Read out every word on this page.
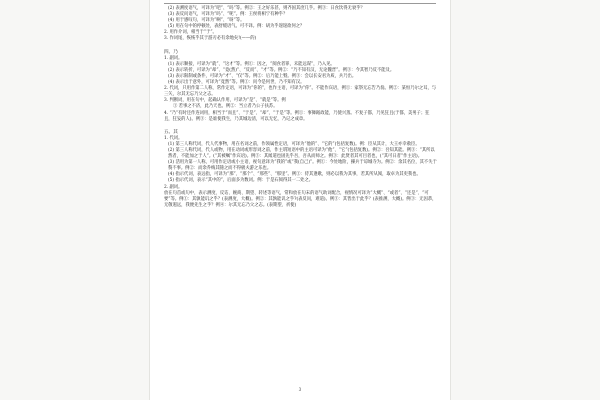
(2) 表测度语气，可译为“吧”、“吗”等。例②：王之好乐甚，则齐国其庶几乎。例③：日食饮得无衰乎？

(3) 表反问语气，可译为“吗”、“呢”。例：王侯将相宁有种乎？

(4) 用于感叹句，可译为“啊”、“呀”等。

(5) 用在句中的停顿处，表舒缓语气。可不译。例：胡为乎遑遑欲何之？

2. 用作介词，相当于“于”。

3. 作词尾，恢恢乎其于游刃必有余地矣!(——的)

四、乃

1. 副词。

(1) 表示顺接，可译为“就”、“这才”等。例①：因之，“阅食者罪，未能远谋”，乃入见。

(2) 表示转折，可译为“却”、“竟(然)”、“反而”、“才”等。例②：“乃不知有汉，无论魏晋”。例③：今其智乃反不能及。

(3) 表示限制或条件，可译为“才”、“仅”等。例②：后乃能上暨。例③：会以长安君为质，兵乃出。

(4) 表示出于意外，可译为“竟然”等。例①：问今是何世，乃不知有汉。

2. 代词，只用作第二人称，常作定语，可译为“你的”，也作主语，可译为“你”。不能作宾语，例①：家祭无忘告乃翁。例②：某恒乃尔之耳，与三矢，尔其无忘乃父之志。

3. 判断词，用在句中，起确认作用，可译为“是”、“就是”等。例

① 若事之不济，此乃天也。例②：当立者乃公子扶苏。

4. “乃”有时还作连词用，相当于“而且”、“于是”、“却”、“于是”等。例①：事舞蹈政能，乃使兴蒸。不复子都，乃见狂且(于都，美男子；狂且，狂妄的人)。例③：是谁使我生，乃其城边清，可以无忆，乃记之成章。

五、其

1. 代词。

(1) 第三人称代词，代人代事物，用在名词之前，作领属性定语，可译为“他的”、“它的”(包括复数)。例：臣从其计，大王亦幸赦臣。

(2) 第三人称代词，代人或物，用在动词或形容词之前，作主谓短语中的主语可译为“他”、“它”(包括复数)。例②：吾知其能。例③：“其所以然者，不能加之于人”。(“其被嘱”作宾语)。例③：其闻道也固先乎吾，吾从而师之。例③：此贤者其可目者也，(“其可日者”作主语)。

(3) 活用为第一人称，可用作定语或小主语，视句意译为“我的”或“我(自己)”。例①：今处地险，操兵于谅城寺为。例②：余其名位，其不失于赘不事。例②：而余乔梅其随之而不得极夫游之乐也。

(4) 指示代词，表远指，可译为“那”、“那个”、“那些”、“那里”。例①：侍其逢歌，则必以我为其事，若其所从阅，取卓为其吏我也。

(5) 指示代词，表示“其中的”，后面多为数词。例：于是石阅得其一二处之。

2. 副词。

放在句首或句中，表示测度、反诘、婉商、期望、转述等语气，常和放在句末的语气助词配合，视情况可译为“大概”、“或者”、“还是”、“可要”等。例①：其孰能讥之乎？(表测度，大概)。例②：其孰能讥之乎?(表反问，难道)。例③：其皆出于此乎？(表推测，大概)。例③：无因恭，无敬遐远，我便先生之乎？例④：尔其无忘乃父之志。(表期望、祈使)

3
